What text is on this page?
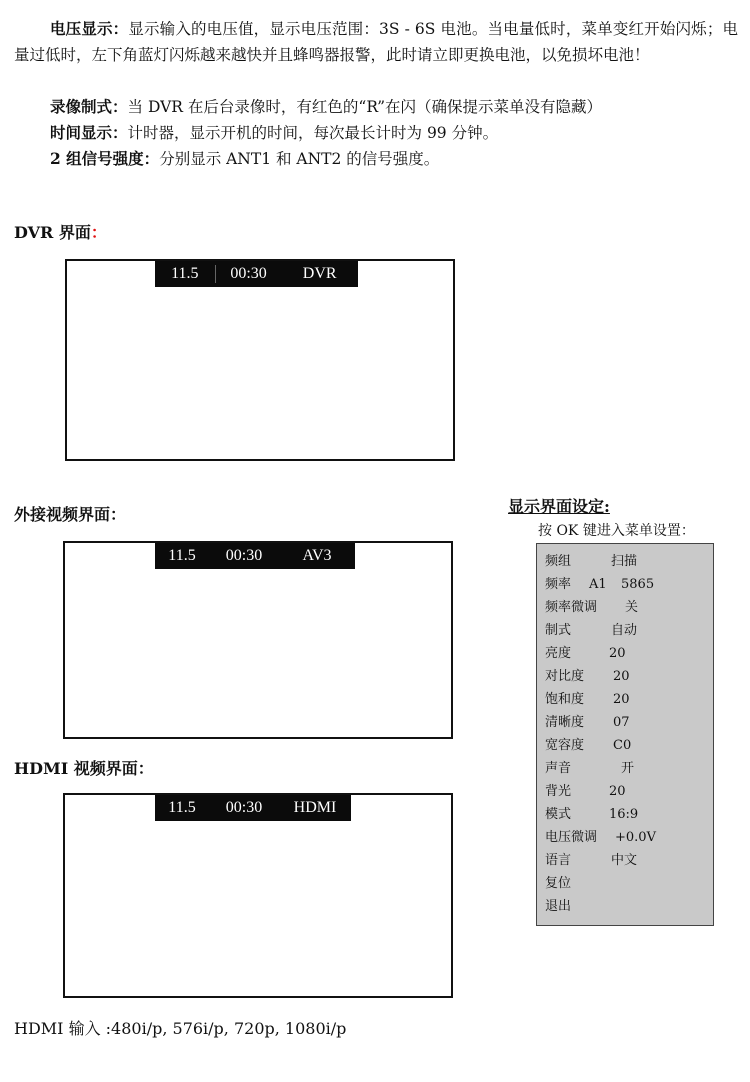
电压显示：显示输入的电压值，显示电压范围：3S - 6S 电池。当电量低时，菜单变红开始闪烁；电量过低时，左下角蓝灯闪烁越来越快并且蜂鸣器报警，此时请立即更换电池，以免损坏电池！
录像制式：当 DVR 在后台录像时，有红色的“R”在闪（确保提示菜单没有隐藏）
时间显示：计时器，显示开机的时间，每次最长计时为 99 分钟。
2 组信号强度：分别显示 ANT1 和 ANT2 的信号强度。
DVR 界面：
11.5	00:30	DVR
外接视频界面：
11.5	00:30	AV3
HDMI 视频界面：
11.5	00:30	HDMI
显示界面设定:
按 OK 键进入菜单设置：
频组	扫描
频率 A1 5865
频率微调 关
制式	自动
亮度	20
对比度 20
饱和度 20
清晰度 07
宽容度 C0
声音	开
背光	20
模式	16:9
电压微调 +0.0V
语言	中文
复位
退出
HDMI 输入 :480i/p, 576i/p, 720p, 1080i/p
